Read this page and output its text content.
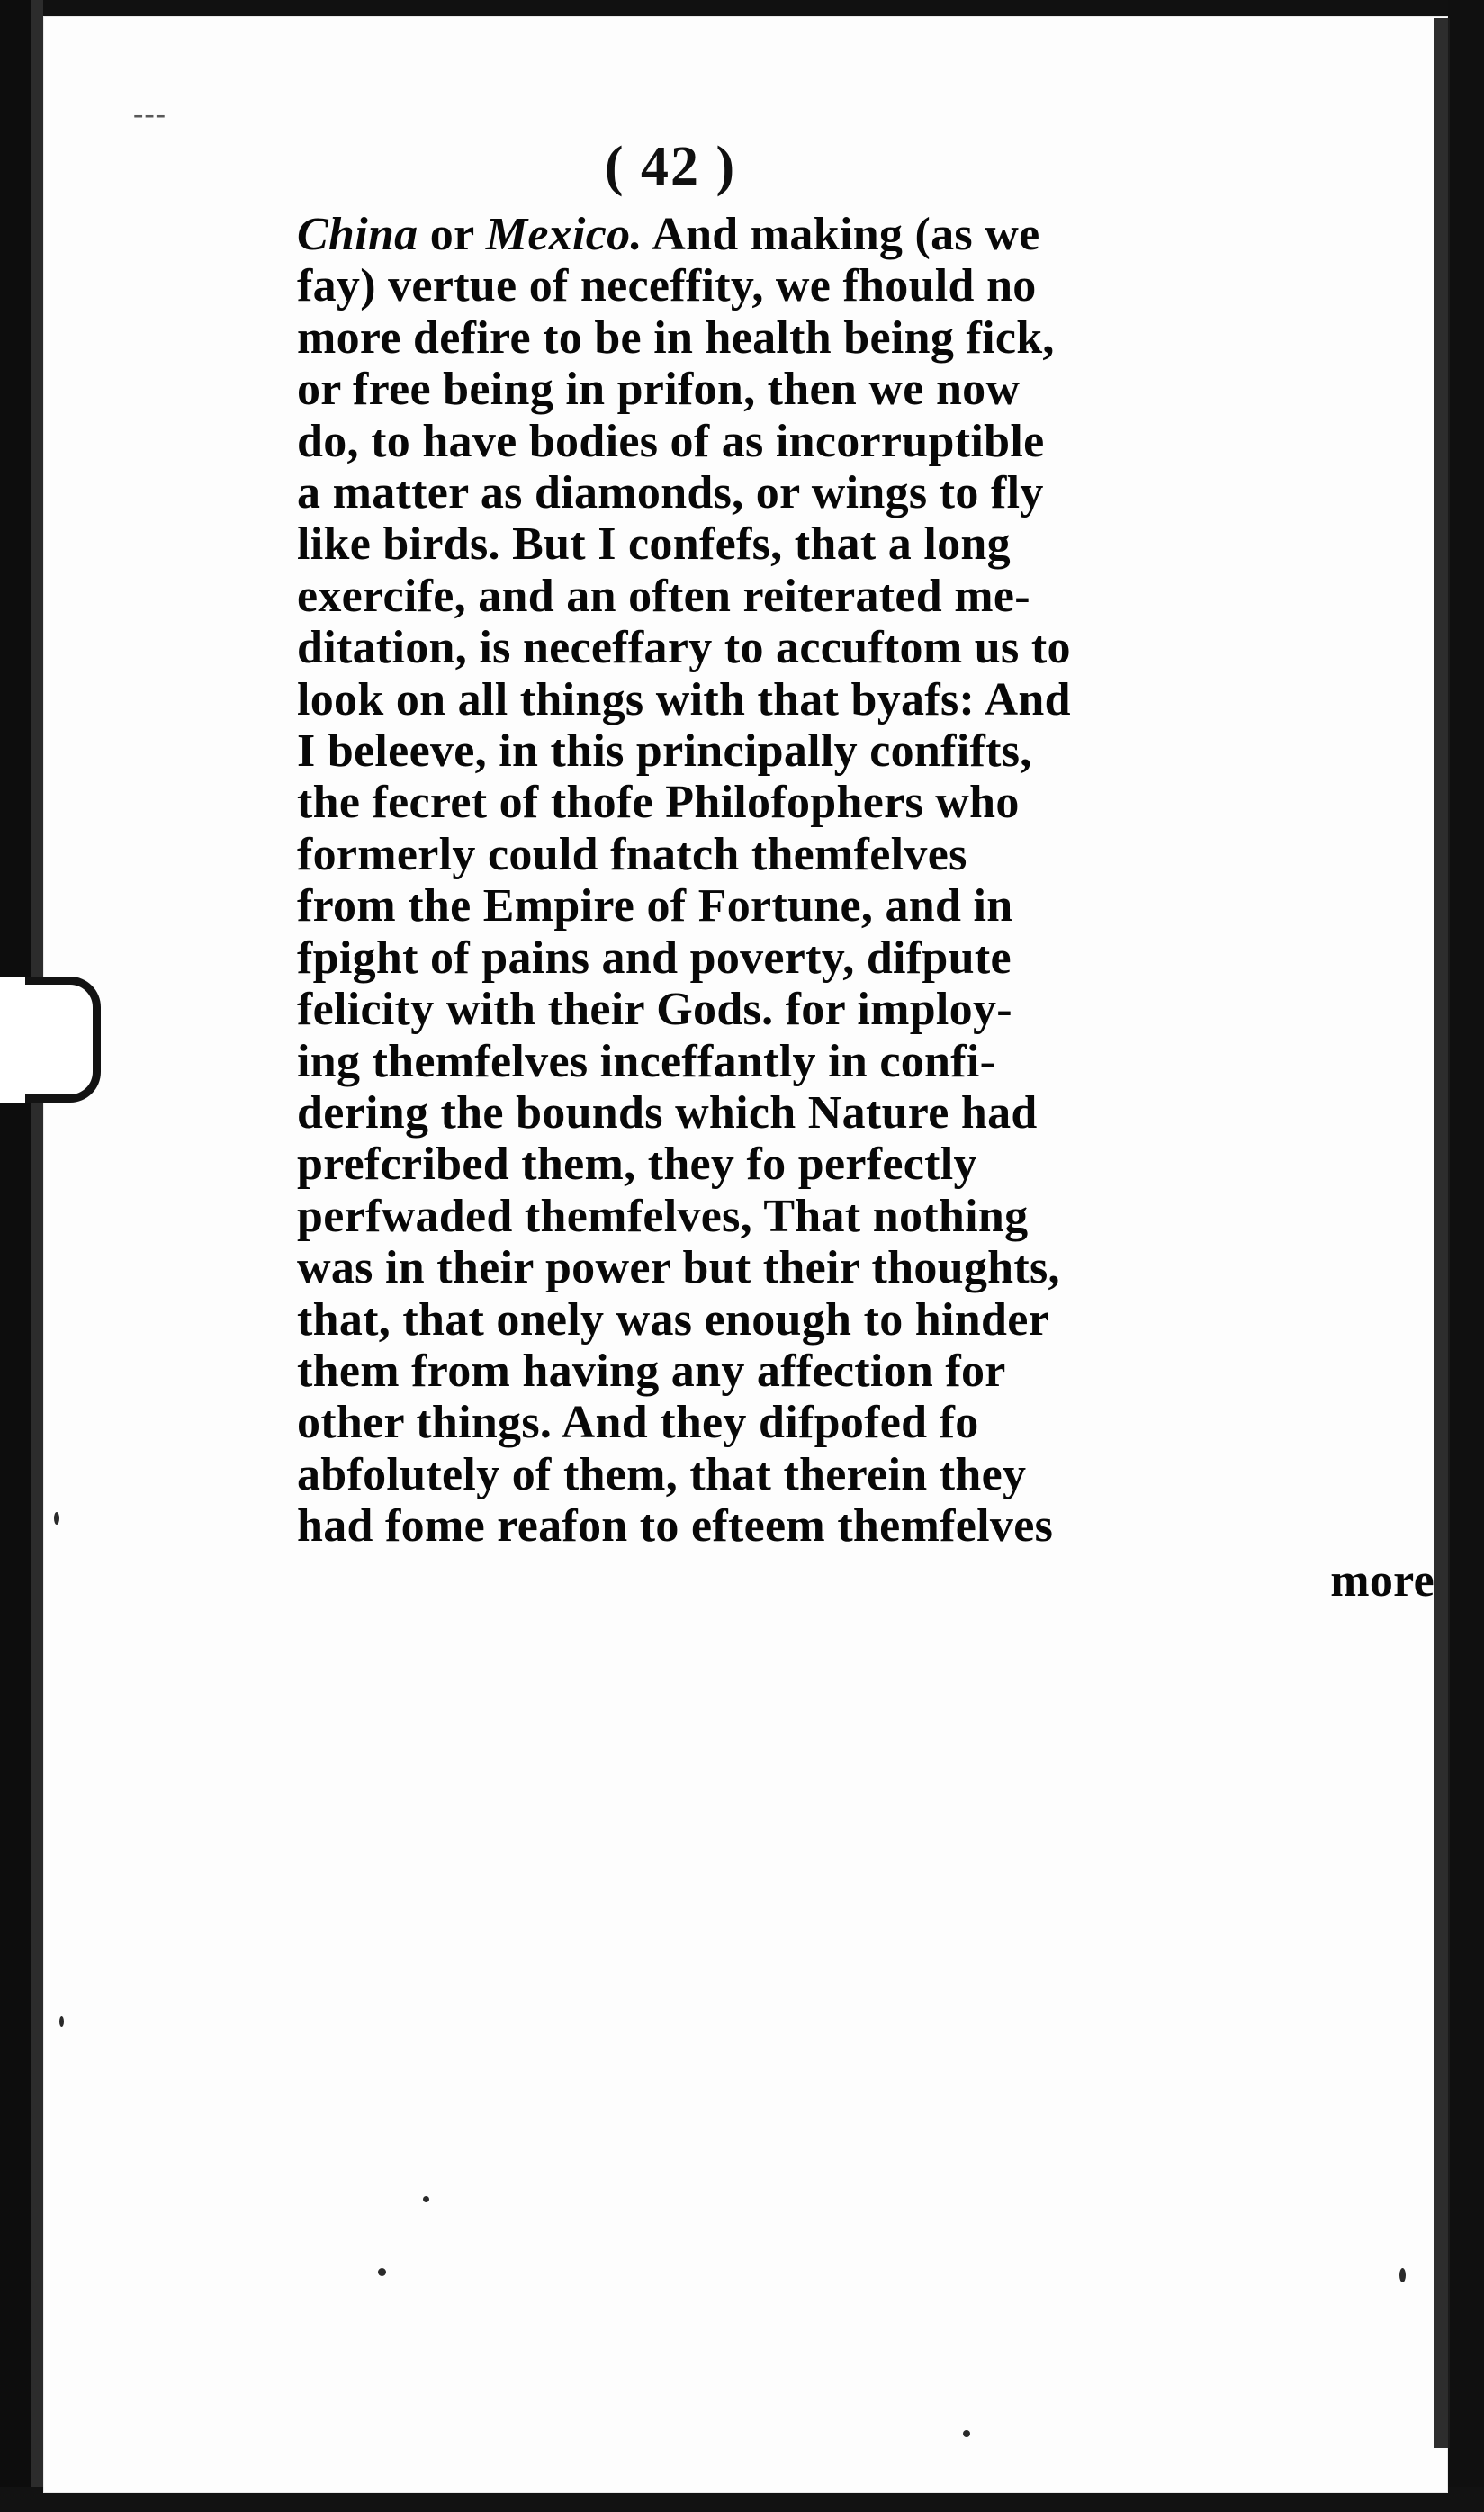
---
( 42 )
China or Mexico. And making (as we
fay) vertue of neceffity, we fhould no
more defire to be in health being fick,
or free being in prifon, then we now
do, to have bodies of as incorruptible
a matter as diamonds, or wings to fly
like birds. But I confefs, that a long
exercife, and an often reiterated me-
ditation, is neceffary to accuftom us to
look on all things with that byafs: And
I beleeve, in this principally confifts,
the fecret of thofe Philofophers who
formerly could fnatch themfelves
from the Empire of Fortune, and in
fpight of pains and poverty, difpute
felicity with their Gods. for imploy-
ing themfelves inceffantly in confi-
dering the bounds which Nature had
prefcribed them, they fo perfectly
perfwaded themfelves, That nothing
was in their power but their thoughts,
that, that onely was enough to hinder
them from having any affection for
other things. And they difpofed fo
abfolutely of them, that therein they
had fome reafon to efteem themfelves
more
